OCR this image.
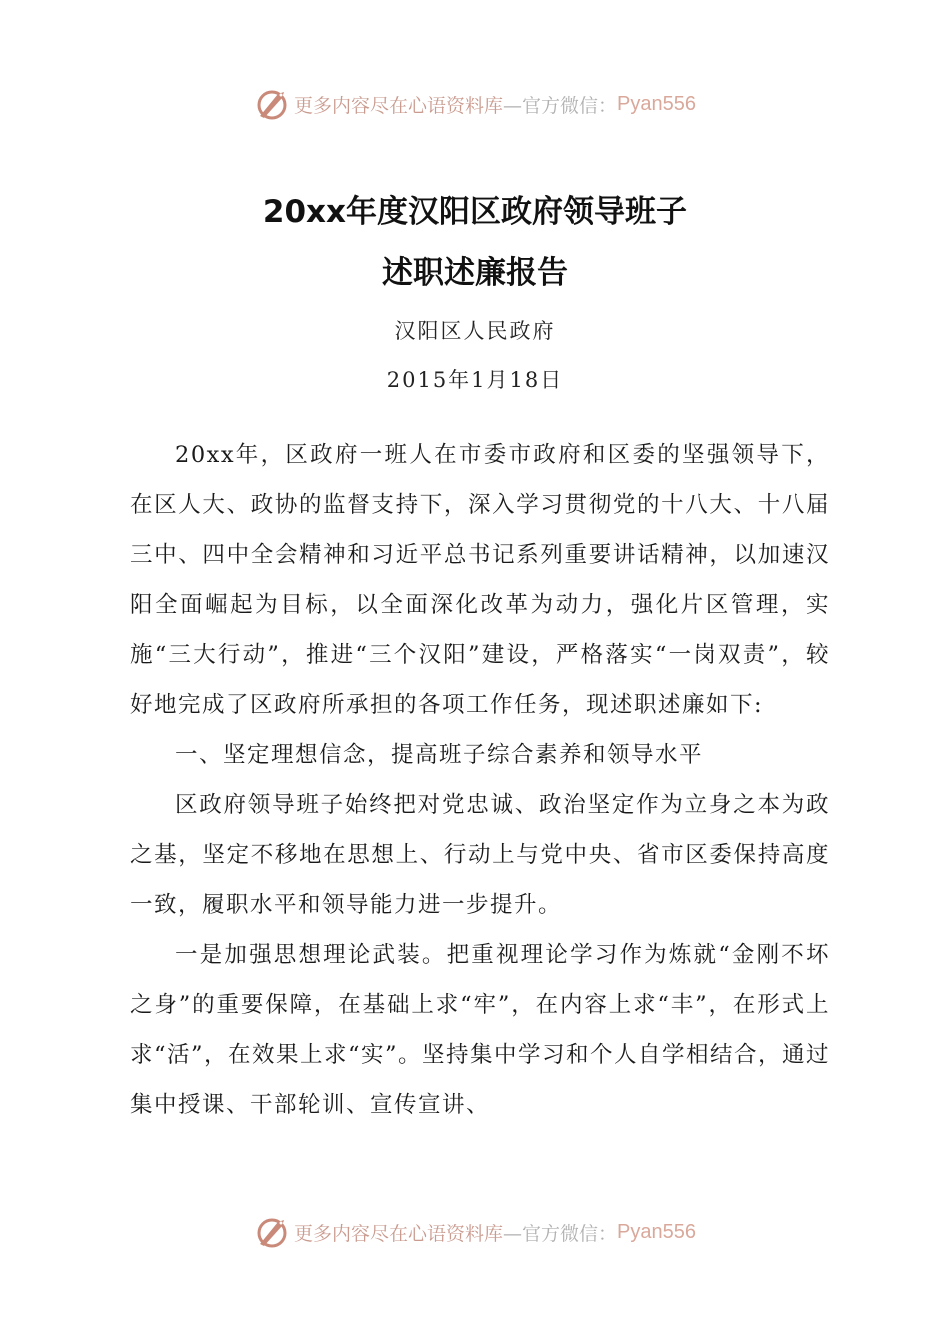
更多内容尽在心语资料库 —官方微信： Pyan556
20xx年度汉阳区政府领导班子
述职述廉报告
汉阳区人民政府
2015年1月18日

20xx年，区政府一班人在市委市政府和区委的坚强领导下，在区人大、政协的监督支持下，深入学习贯彻党的十八大、十八届三中、四中全会精神和习近平总书记系列重要讲话精神，以加速汉阳全面崛起为目标，以全面深化改革为动力，强化片区管理，实施“三大行动”，推进“三个汉阳”建设，严格落实“一岗双责”，较好地完成了区政府所承担的各项工作任务，现述职述廉如下:

一、坚定理想信念，提高班子综合素养和领导水平

区政府领导班子始终把对党忠诚、政治坚定作为立身之本为政之基，坚定不移地在思想上、行动上与党中央、省市区委保持高度一致，履职水平和领导能力进一步提升。

一是加强思想理论武装。把重视理论学习作为炼就“金刚不坏之身”的重要保障，在基础上求“牢”，在内容上求“丰”，在形式上求“活”，在效果上求“实”。坚持集中学习和个人自学相结合，通过集中授课、干部轮训、宣传宣讲、

更多内容尽在心语资料库 —官方微信： Pyan556
